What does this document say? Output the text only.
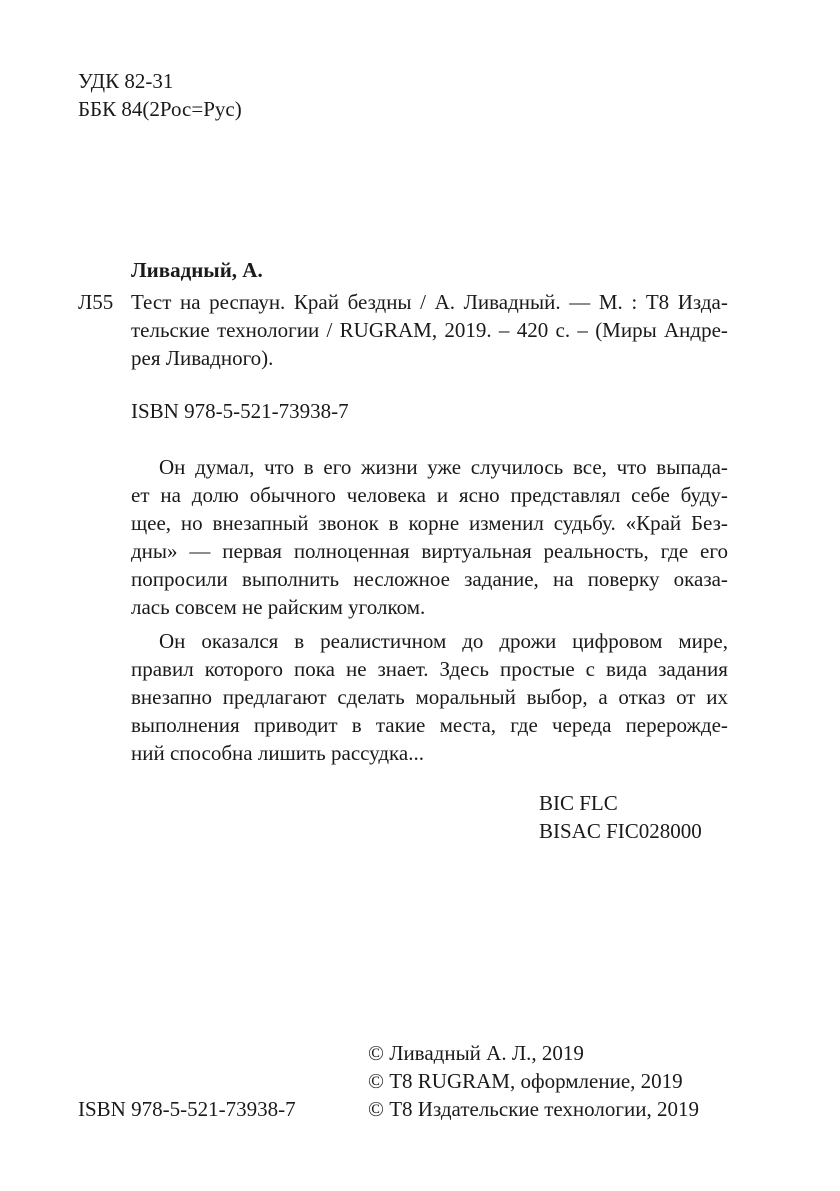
УДК 82-31
ББК 84(2Рос=Рус)
Ливадный, А.
Л55 Тест на респаун. Край бездны / А. Ливадный. — М. : Т8 Изда-
тельские технологии / RUGRAM, 2019. – 420 с. – (Миры Андре-
рея Ливадного).
ISBN 978-5-521-73938-7
Он думал, что в его жизни уже случилось все, что выпада-
ет на долю обычного человека и ясно представлял себе буду-
щее, но внезапный звонок в корне изменил судьбу. «Край Без-
дны» — первая полноценная виртуальная реальность, где его
попросили выполнить несложное задание, на поверку оказа-
лась совсем не райским уголком.
Он оказался в реалистичном до дрожи цифровом мире,
правил которого пока не знает. Здесь простые с вида задания
внезапно предлагают сделать моральный выбор, а отказ от их
выполнения приводит в такие места, где череда перерожде-
ний способна лишить рассудка...
BIC FLC
BISAC FIC028000
© Ливадный А. Л., 2019
© Т8 RUGRAM, оформление, 2019
© Т8 Издательские технологии, 2019
ISBN 978-5-521-73938-7
